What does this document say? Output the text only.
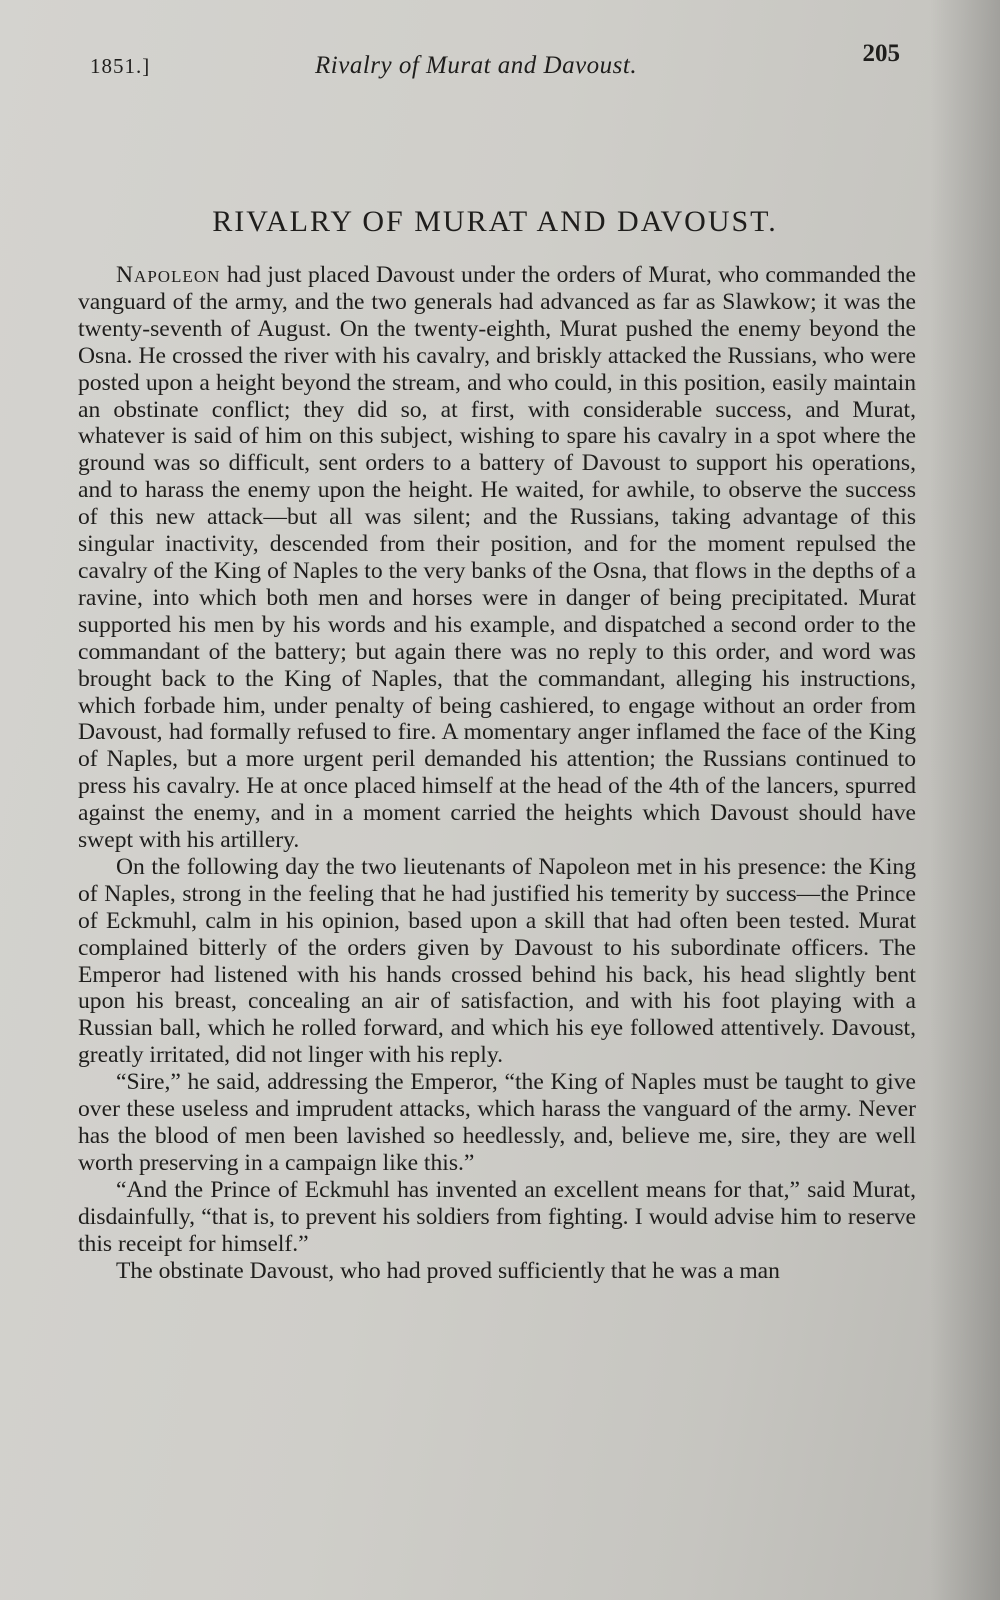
1851.]	Rivalry of Murat and Davoust.	205
RIVALRY OF MURAT AND DAVOUST.

Napoleon had just placed Davoust under the orders of Murat, who commanded the vanguard of the army, and the two generals had advanced as far as Slawkow; it was the twenty-seventh of August. On the twenty-eighth, Murat pushed the enemy beyond the Osna. He crossed the river with his cavalry, and briskly attacked the Russians, who were posted upon a height beyond the stream, and who could, in this position, easily maintain an obstinate conflict; they did so, at first, with considerable success, and Murat, whatever is said of him on this subject, wishing to spare his cavalry in a spot where the ground was so difficult, sent orders to a battery of Davoust to support his operations, and to harass the enemy upon the height. He waited, for awhile, to observe the success of this new attack—but all was silent; and the Russians, taking advantage of this singular inactivity, descended from their position, and for the moment repulsed the cavalry of the King of Naples to the very banks of the Osna, that flows in the depths of a ravine, into which both men and horses were in danger of being precipitated. Murat supported his men by his words and his example, and dispatched a second order to the commandant of the battery; but again there was no reply to this order, and word was brought back to the King of Naples, that the commandant, alleging his instructions, which forbade him, under penalty of being cashiered, to engage without an order from Davoust, had formally refused to fire. A momentary anger inflamed the face of the King of Naples, but a more urgent peril demanded his attention; the Russians continued to press his cavalry. He at once placed himself at the head of the 4th of the lancers, spurred against the enemy, and in a moment carried the heights which Davoust should have swept with his artillery.

On the following day the two lieutenants of Napoleon met in his presence: the King of Naples, strong in the feeling that he had justified his temerity by success—the Prince of Eckmuhl, calm in his opinion, based upon a skill that had often been tested. Murat complained bitterly of the orders given by Davoust to his subordinate officers. The Emperor had listened with his hands crossed behind his back, his head slightly bent upon his breast, concealing an air of satisfaction, and with his foot playing with a Russian ball, which he rolled forward, and which his eye followed attentively. Davoust, greatly irritated, did not linger with his reply.

“Sire,” he said, addressing the Emperor, “the King of Naples must be taught to give over these useless and imprudent attacks, which harass the vanguard of the army. Never has the blood of men been lavished so heedlessly, and, believe me, sire, they are well worth preserving in a campaign like this.”

“And the Prince of Eckmuhl has invented an excellent means for that,” said Murat, disdainfully, “that is, to prevent his soldiers from fighting. I would advise him to reserve this receipt for himself.”

The obstinate Davoust, who had proved sufficiently that he was a man
